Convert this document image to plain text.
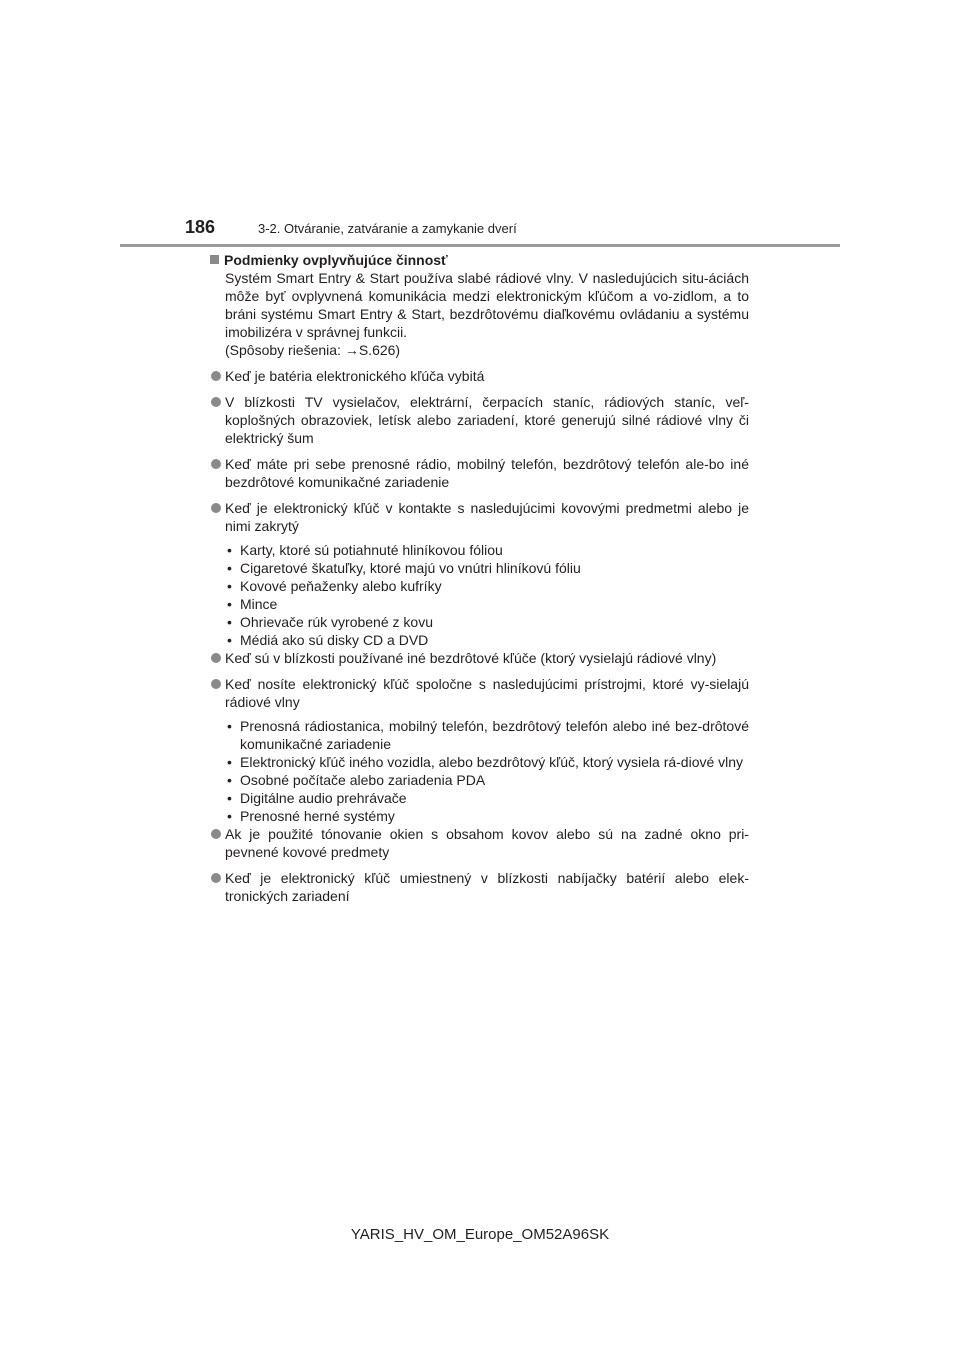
186	3-2. Otváranie, zatváranie a zamykanie dverí

Podmienky ovplyvňujúce činnosť

Systém Smart Entry & Start používa slabé rádiové vlny. V nasledujúcich situ-áciách môže byť ovplyvnená komunikácia medzi elektronickým kľúčom a vo-zidlom, a to bráni systému Smart Entry & Start, bezdrôtovému diaľkovému ovládaniu a systému imobilizéra v správnej funkcii.

(Spôsoby riešenia: →S.626)

Keď je batéria elektronického kľúča vybitá

V blízkosti TV vysielačov, elektrární, čerpacích staníc, rádiových staníc, veľ-koplošných obrazoviek, letísk alebo zariadení, ktoré generujú silné rádiové vlny či elektrický šum

Keď máte pri sebe prenosné rádio, mobilný telefón, bezdrôtový telefón ale-bo iné bezdrôtové komunikačné zariadenie

Keď je elektronický kľúč v kontakte s nasledujúcimi kovovými predmetmi alebo je nimi zakrytý

• Karty, ktoré sú potiahnuté hliníkovou fóliou
• Cigaretové škatuľky, ktoré majú vo vnútri hliníkovú fóliu
• Kovové peňaženky alebo kufríky
• Mince
• Ohrievače rúk vyrobené z kovu
• Médiá ako sú disky CD a DVD

Keď sú v blízkosti používané iné bezdrôtové kľúče (ktorý vysielajú rádiové vlny)

Keď nosíte elektronický kľúč spoločne s nasledujúcimi prístrojmi, ktoré vy-sielajú rádiové vlny

• Prenosná rádiostanica, mobilný telefón, bezdrôtový telefón alebo iné bez-drôtové komunikačné zariadenie
• Elektronický kľúč iného vozidla, alebo bezdrôtový kľúč, ktorý vysiela rá-diové vlny
• Osobné počítače alebo zariadenia PDA
• Digitálne audio prehrávače
• Prenosné herné systémy

Ak je použité tónovanie okien s obsahom kovov alebo sú na zadné okno pri-pevnené kovové predmety

Keď je elektronický kľúč umiestnený v blízkosti nabíjačky batérií alebo elek-tronických zariadení

YARIS_HV_OM_Europe_OM52A96SK
